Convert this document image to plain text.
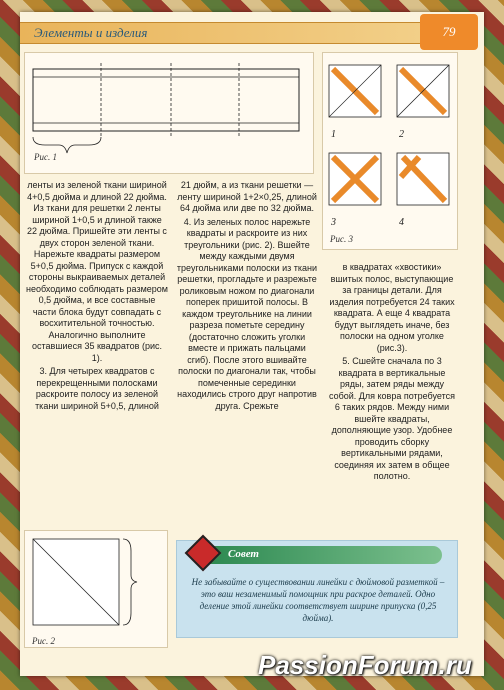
Элементы и изделия	79
Рис. 1
1	2
3	4
Рис. 3

ленты из зеленой ткани шириной 4+0,5 дюйма и длиной 22 дюйма. Из ткани для решетки 2 ленты шириной 1+0,5 и длиной также 22 дюйма. Пришейте эти ленты с двух сторон зеленой ткани. Нарежьте квадраты размером 5+0,5 дюйма. Припуск с каждой стороны выкраиваемых деталей необходимо соблюдать размером 0,5 дюйма, и все составные части блока будут совпадать с восхитительной точностью. Аналогично выполните оставшиеся 35 квадратов (рис. 1).

3. Для четырех квадратов с перекрещенными полосками раскроите полосу из зеленой ткани шириной 5+0,5, длиной

21 дюйм, а из ткани решетки — ленту шириной 1+2×0,25, длиной 64 дюйма или две по 32 дюйма.

4. Из зеленых полос нарежьте квадраты и раскроите из них треугольники (рис. 2). Вшейте между каждыми двумя треугольниками полоски из ткани решетки, прогладьте и разрежьте роликовым ножом по диагонали поперек пришитой полосы. В каждом треугольнике на линии разреза пометьте середину (достаточно сложить уголки вместе и прижать пальцами сгиб). После этого вшивайте полоски по диагонали так, чтобы помеченные серединки находились строго друг напротив друга. Срежьте

в квадратах «хвостики» вшитых полос, выступающие за границы детали. Для изделия потребуется 24 таких квадрата. А еще 4 квадрата будут выглядеть иначе, без полоски на одном уголке (рис.3).

5. Сшейте сначала по 3 квадрата в вертикальные ряды, затем ряды между собой. Для ковра потребуется 6 таких рядов. Между ними вшейте квадраты, дополняющие узор. Удобнее проводить сборку вертикальными рядами, соединяя их затем в общее полотно.

Рис. 2
Совет
Не забывайте о существовании линейки с дюймовой разметкой – это ваш незаменимый помощник при раскрое деталей. Одно деление этой линейки соответствует ширине припуска (0,25 дюйма).
PassionForum.ru
